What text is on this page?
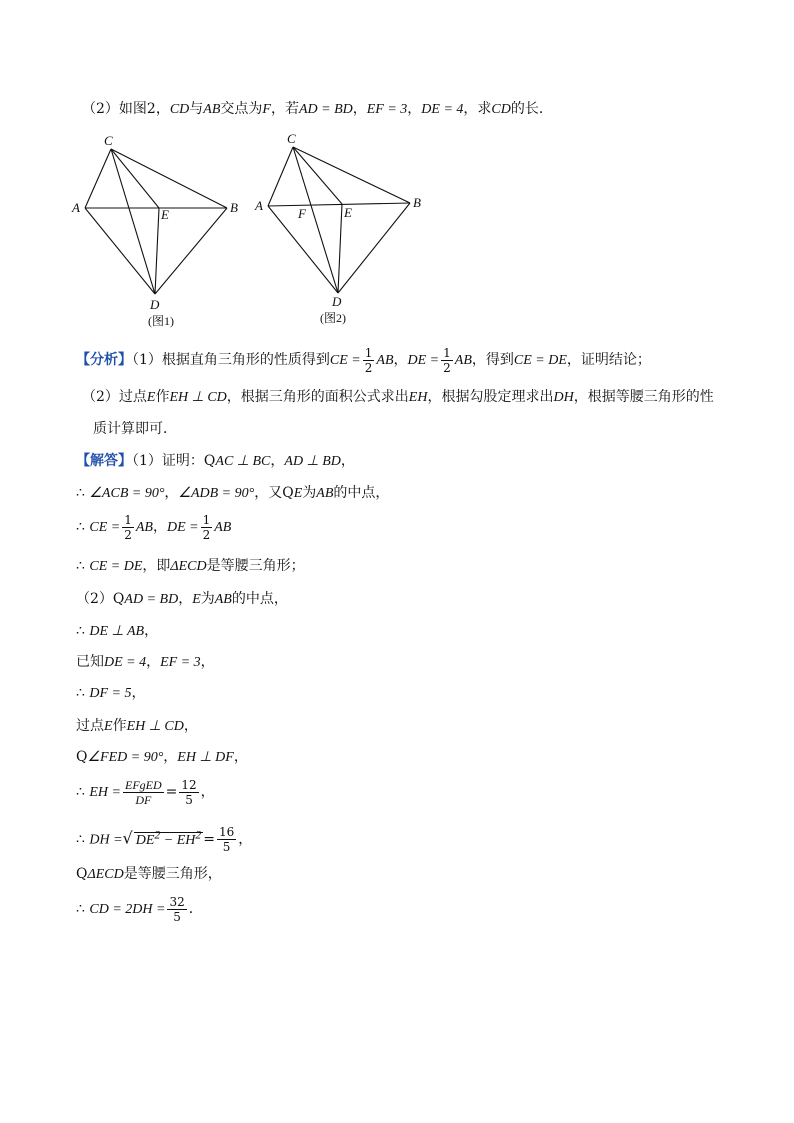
（2）如图2，CD与AB交点为F，若AD = BD，EF = 3，DE = 4，求CD的长．
C
A	B
E
D
(图1)
C
A	B
F	E
D
(图2)
【分析】（1）根据直角三角形的性质得到CE = $\frac{1}{2}$ AB，DE = $\frac{1}{2}$ AB，得到CE = DE，证明结论；
（2）过点E作EH ⊥ CD，根据三角形的面积公式求出EH，根据勾股定理求出DH，根据等腰三角形的性
质计算即可．
【解答】（1）证明：QAC ⊥ BC，AD ⊥ BD，
∴ ∠ACB = 90°，∠ADB = 90°，又QE为AB的中点，
∴ CE = $\frac{1}{2}$ AB，DE = $\frac{1}{2}$ AB
∴ CE = DE，即ΔECD是等腰三角形；
（2）QAD = BD，E为AB的中点，
∴ DE ⊥ AB，
已知DE = 4，EF = 3，
∴ DF = 5，
过点E作EH ⊥ CD，
Q∠FED = 90°，EH ⊥ DF，
∴ EH = $\frac{\text{EFgED}}{DF} = \frac{12}{5}$ ，
∴ DH =√ $DE^2 - EH^2 = \frac{16}{5}$ ，
QΔECD是等腰三角形，
∴ CD = $2DH = \frac{32}{5}$ ．
